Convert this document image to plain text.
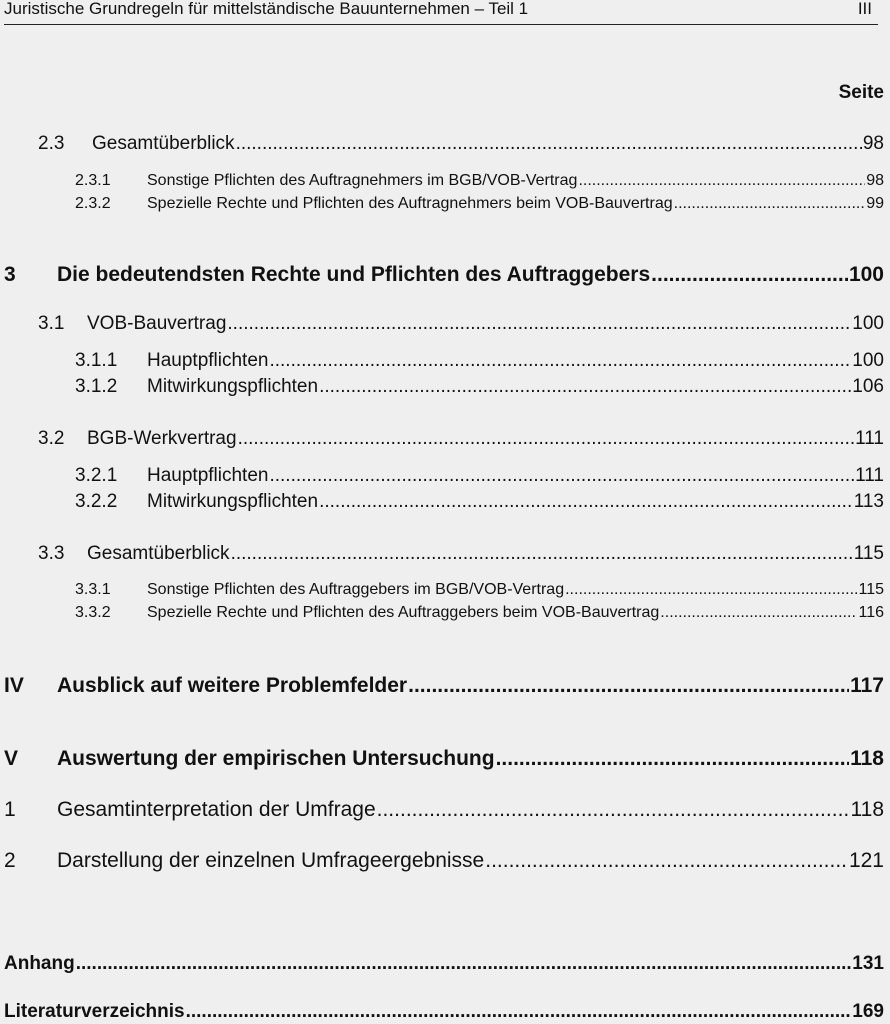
Juristische Grundregeln für mittelständische Bauunternehmen – Teil 1	III
Seite
2.3	Gesamtüberblick .....	98
2.3.1	Sonstige Pflichten des Auftragnehmers im BGB/VOB-Vertrag .....	98
2.3.2	Spezielle Rechte und Pflichten des Auftragnehmers beim VOB-Bauvertrag .....	99
3	Die bedeutendsten Rechte und Pflichten des Auftraggebers .....	100
3.1	VOB-Bauvertrag .....	100
3.1.1	Hauptpflichten .....	100
3.1.2	Mitwirkungspflichten .....	106
3.2	BGB-Werkvertrag .....	111
3.2.1	Hauptpflichten .....	111
3.2.2	Mitwirkungspflichten .....	113
3.3	Gesamtüberblick .....	115
3.3.1	Sonstige Pflichten des Auftraggebers im BGB/VOB-Vertrag .....	115
3.3.2	Spezielle Rechte und Pflichten des Auftraggebers beim VOB-Bauvertrag .....	116
IV	Ausblick auf weitere Problemfelder .....	117
V	Auswertung der empirischen Untersuchung .....	118
1	Gesamtinterpretation der Umfrage .....	118
2	Darstellung der einzelnen Umfrageergebnisse .....	121
Anhang .....	131
Literaturverzeichnis .....	169
